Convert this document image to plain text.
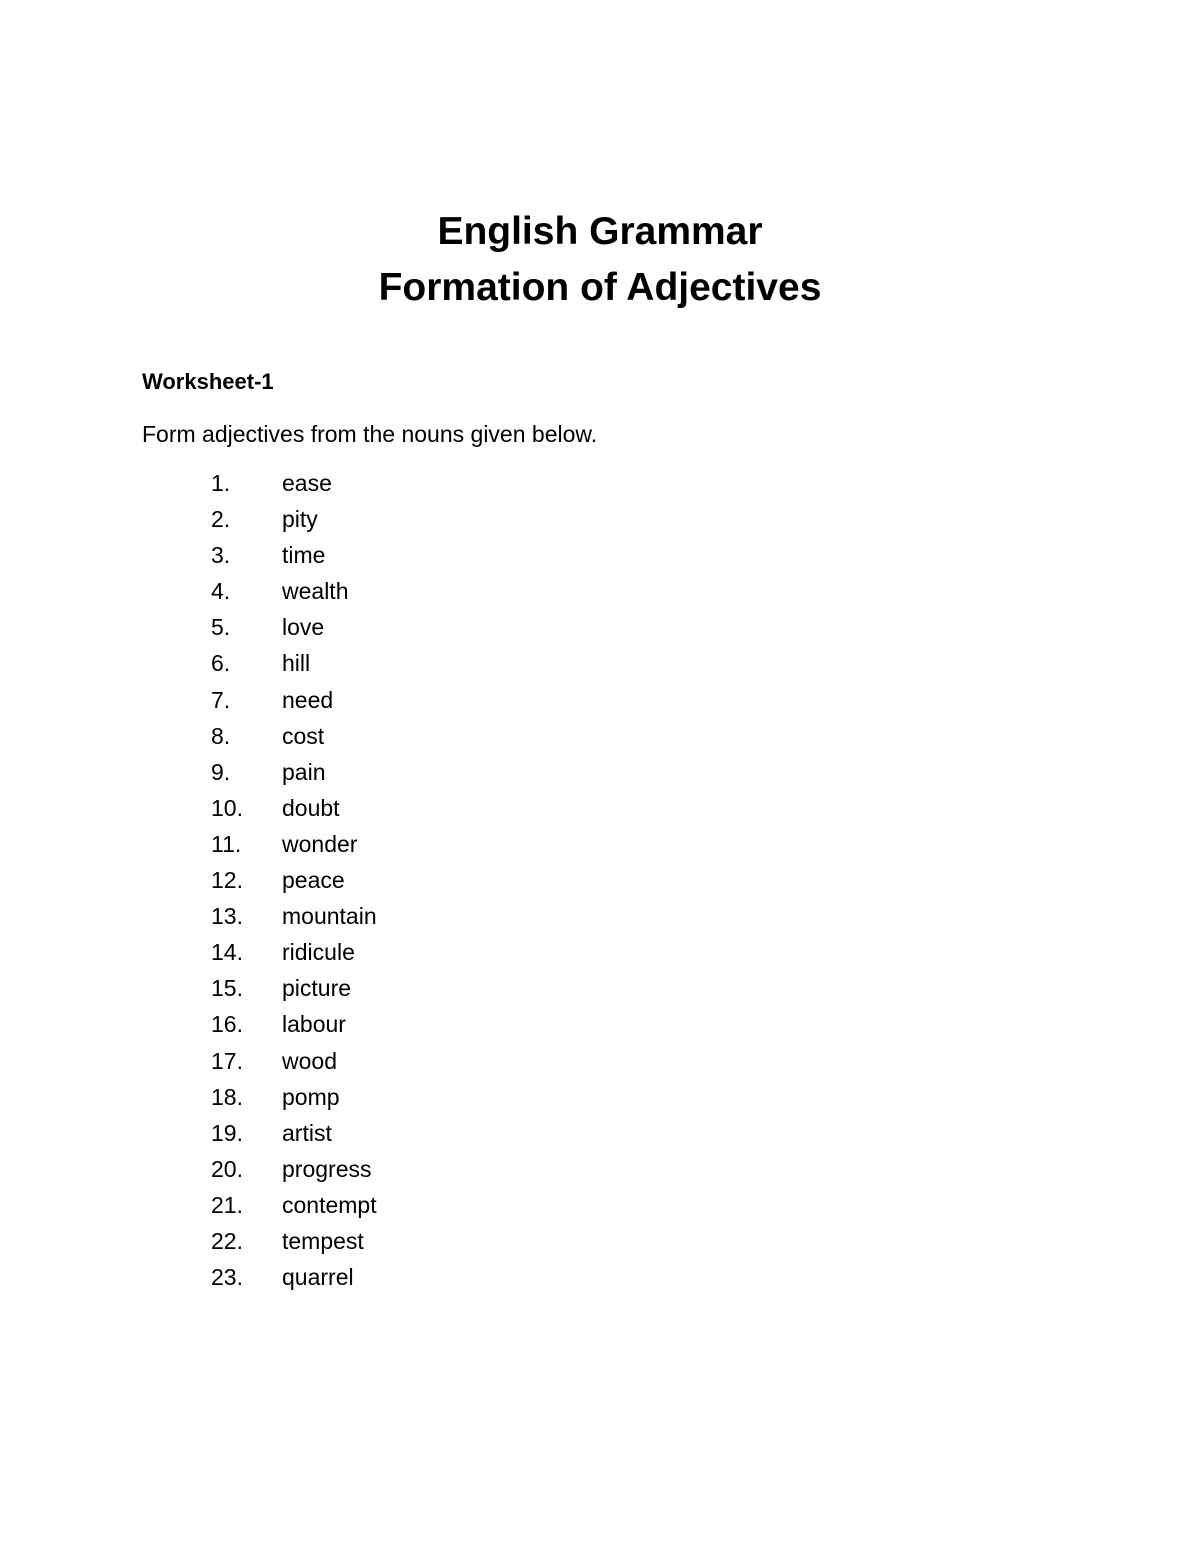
English Grammar
Formation of Adjectives

Worksheet-1

Form adjectives from the nouns given below.

1. ease
2. pity
3. time
4. wealth
5. love
6. hill
7. need
8. cost
9. pain
10. doubt
11. wonder
12. peace
13. mountain
14. ridicule
15. picture
16. labour
17. wood
18. pomp
19. artist
20. progress
21. contempt
22. tempest
23. quarrel
